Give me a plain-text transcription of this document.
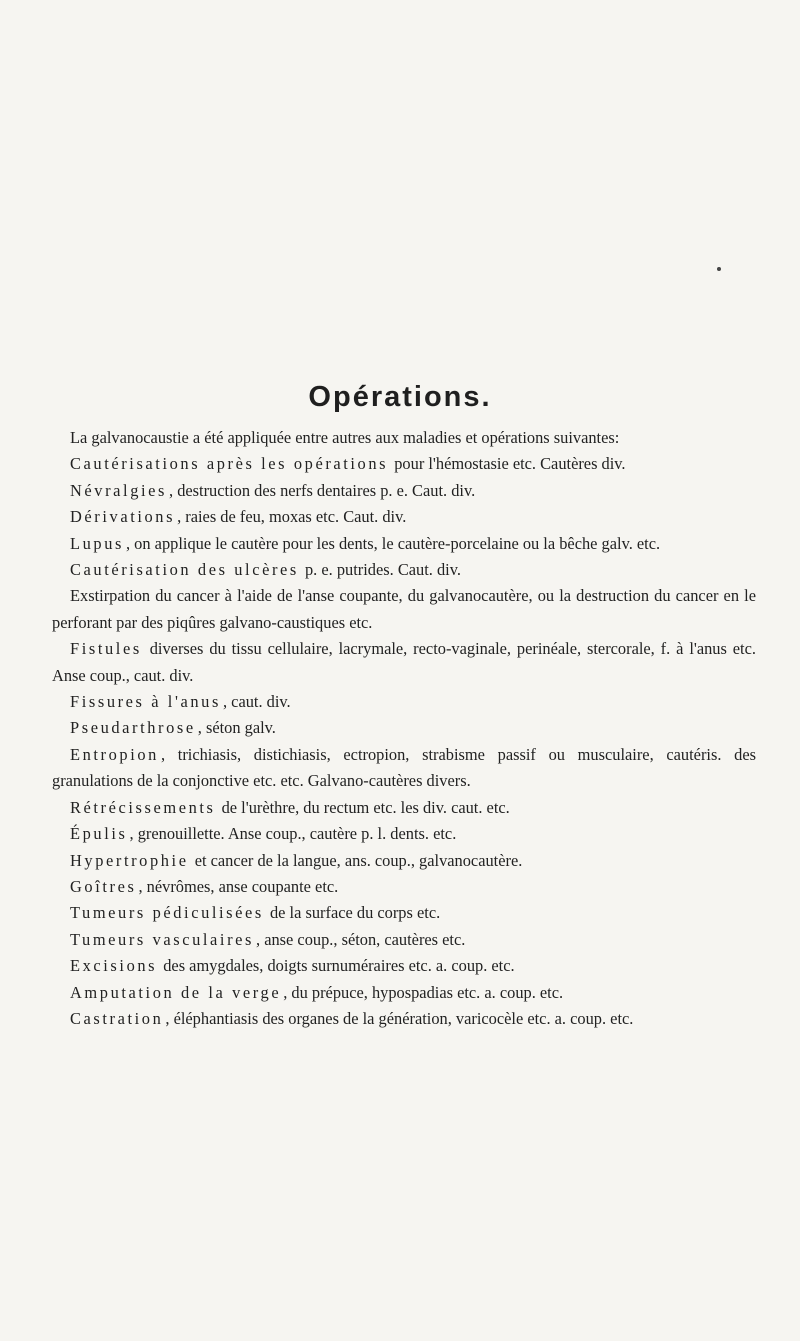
Opérations.

La galvanocaustie a été appliquée entre autres aux maladies et opérations suivantes:

Cautérisations après les opérations pour l'hémostasie etc. Cautères div.

Névralgies , destruction des nerfs dentaires p. e. Caut. div.

Dérivations , raies de feu, moxas etc. Caut. div.

Lupus , on applique le cautère pour les dents, le cautère-porcelaine ou la bêche galv. etc.

Cautérisation des ulcères p. e. putrides. Caut. div.

Exstirpation du cancer à l'aide de l'anse coupante, du galvanocautère, ou la destruction du cancer en le perforant par des piqûres galvano-caustiques etc.

Fistules diverses du tissu cellulaire, lacrymale, recto-vaginale, perinéale, stercorale, f. à l'anus etc. Anse coup., caut. div.

Fissures à l'anus , caut. div.

Pseudarthrose , séton galv.

Entropion , trichiasis, distichiasis, ectropion, strabisme passif ou musculaire, cautéris. des granulations de la conjonctive etc. etc. Galvano-cautères divers.

Rétrécissements de l'urèthre, du rectum etc. les div. caut. etc.

Épulis , grenouillette. Anse coup., cautère p. l. dents. etc.

Hypertrophie et cancer de la langue, ans. coup., galvanocautère.

Goîtres , névrômes, anse coupante etc.

Tumeurs pédiculisées de la surface du corps etc.

Tumeurs vasculaires , anse coup., séton, cautères etc.

Excisions des amygdales, doigts surnuméraires etc. a. coup. etc.

Amputation de la verge , du prépuce, hypospadias etc. a. coup. etc.

Castration , éléphantiasis des organes de la génération, varicocèle etc. a. coup. etc.
